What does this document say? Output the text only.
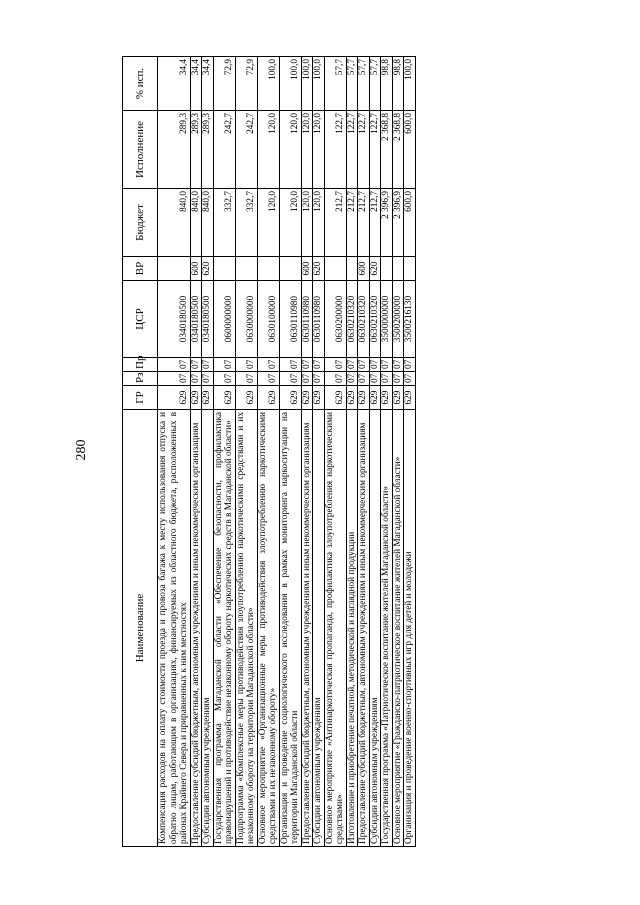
280
Наименование	ГР	Рз	Пр	ЦСР	ВР	Бюджет	Исполнение	% исп.
Компенсация расходов на оплату стоимости проезда и провоза багажа к месту использования отпуска и обратно лицам, работающим в организациях, финансируемых из областного бюджета, расположенных в районах Крайнего Севера и приравненных к ним местностях	629	07	07	0340180500		840,0	289,3	34,4
Предоставление субсидий бюджетным, автономным учреждениям и иным некоммерческим организациям	629	07	07	0340180500	600	840,0	289,3	34,4
Субсидии автономным учреждениям	629	07	07	0340180500	620	840,0	289,3	34,4
Государственная программа Магаданской области «Обеспечение безопасности, профилактика правонарушений и противодействие незаконному обороту наркотических средств в Магаданской области»	629	07	07	0600000000		332,7	242,7	72,9
Подпрограмма «Комплексные меры противодействия злоупотреблению наркотическими средствами и их незаконному обороту на территории Магаданской области»	629	07	07	0630000000		332,7	242,7	72,9
Основное мероприятие «Организационные меры противодействия злоупотреблению наркотическими средствами и их незаконному обороту»	629	07	07	0630100000		120,0	120,0	100,0
Организация и проведение социологического исследования в рамках мониторинга наркоситуации на территории Магаданской области	629	07	07	0630110980		120,0	120,0	100,0
Предоставление субсидий бюджетным, автономным учреждениям и иным некоммерческим организациям	629	07	07	0630110980	600	120,0	120,0	100,0
Субсидии автономным учреждениям	629	07	07	0630110980	620	120,0	120,0	100,0
Основное мероприятие «Антинаркотическая пропаганда, профилактика злоупотребления наркотическими средствами»	629	07	07	0630200000		212,7	122,7	57,7
Изготовление и приобретение печатной, методической и наглядной продукции	629	07	07	0630210320		212,7	122,7	57,7
Предоставление субсидий бюджетным, автономным учреждениям и иным некоммерческим организациям	629	07	07	0630210320	600	212,7	122,7	57,7
Субсидии автономным учреждениям	629	07	07	0630210320	620	212,7	122,7	57,7
Государственная программа «Патриотическое воспитание жителей Магаданской области»	629	07	07	3500000000		2 396,9	2 368,8	98,8
Основное мероприятие «Гражданско-патриотическое воспитание жителей Магаданской области»	629	07	07	3500200000		2 396,9	2 368,8	98,8
Организация и проведение военно-спортивных игр для детей и молодежи	629	07	07	3500216130		600,0	600,0	100,0
